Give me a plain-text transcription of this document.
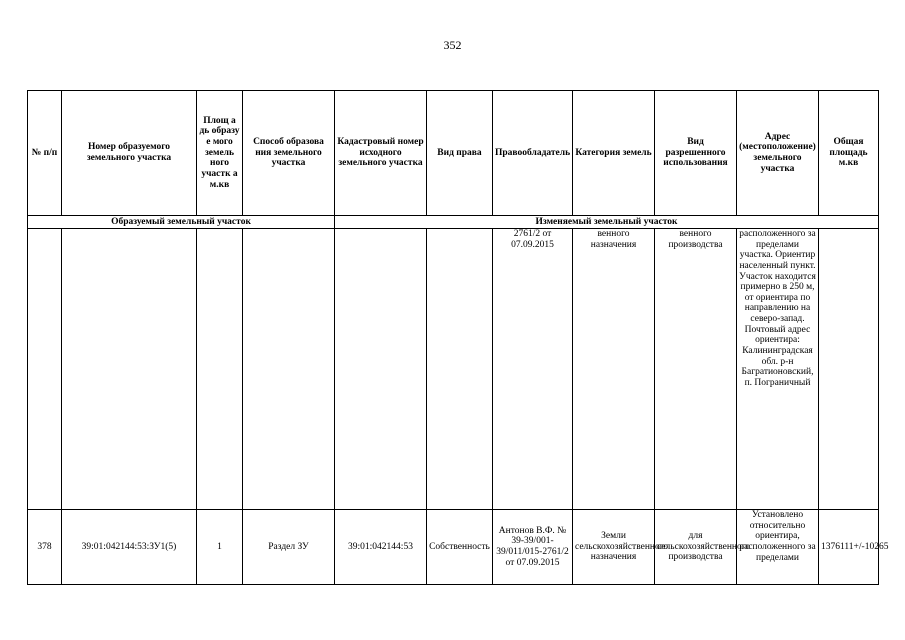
352
№ п/п	Номер образуемого земельного участка	Площ а дь образу е мого земель ного участк а м.кв	Способ образова ния земельного участка	Кадастровый номер исходного земельного участка	Вид права	Правообладатель	Категория земель	Вид разрешенного использования	Адрес (местоположение) земельного участка	Общая площадь м.кв
Образуемый земельный участок				Изменяемый земельный участок						
						2761/2 от 07.09.2015	венного назначения	венного производства	расположенного за пределами участка. Ориентир населенный пункт. Участок находится примерно в 250 м, от ориентира по направлению на северо-запад. Почтовый адрес ориентира: Калининградская обл. р-н Багратионовский, п. Пограничный	
378	39:01:042144:53:ЗУ1(5)	1	Раздел ЗУ	39:01:042144:53	Собственность	Антонов В.Ф. № 39-39/001-39/011/015-2761/2 от 07.09.2015	Земли сельскохозяйственного назначения	для сельскохозяйственного производства	Установлено относительно ориентира, расположенного за пределами	1376111+/-10265
